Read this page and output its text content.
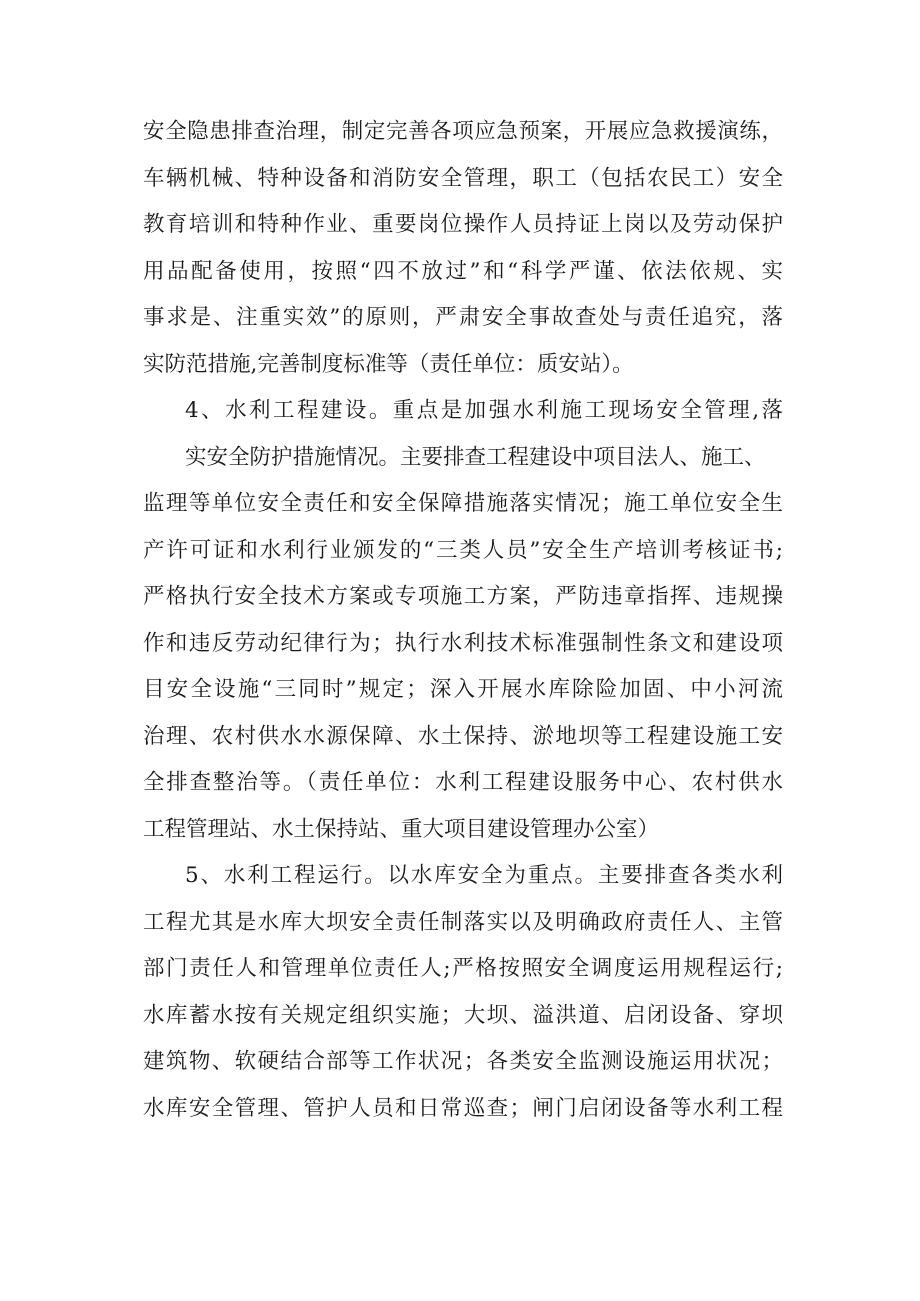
安全隐患排查治理，制定完善各项应急预案，开展应急救援演练，
车辆机械、特种设备和消防安全管理，职工（包括农民工）安全
教育培训和特种作业、重要岗位操作人员持证上岗以及劳动保护
用品配备使用，按照“四不放过”和“科学严谨、依法依规、实
事求是、注重实效”的原则，严肃安全事故查处与责任追究，落
实防范措施,完善制度标准等（责任单位：质安站）。
4、水利工程建设。重点是加强水利施工现场安全管理,落
实安全防护措施情况。主要排查工程建设中项目法人、施工、
监理等单位安全责任和安全保障措施落实情况；施工单位安全生
产许可证和水利行业颁发的“三类人员”安全生产培训考核证书;
严格执行安全技术方案或专项施工方案，严防违章指挥、违规操
作和违反劳动纪律行为；执行水利技术标准强制性条文和建设项
目安全设施“三同时”规定；深入开展水库除险加固、中小河流
治理、农村供水水源保障、水土保持、淤地坝等工程建设施工安
全排查整治等。（责任单位：水利工程建设服务中心、农村供水
工程管理站、水土保持站、重大项目建设管理办公室）
5、水利工程运行。以水库安全为重点。主要排查各类水利
工程尤其是水库大坝安全责任制落实以及明确政府责任人、主管
部门责任人和管理单位责任人;严格按照安全调度运用规程运行;
水库蓄水按有关规定组织实施；大坝、溢洪道、启闭设备、穿坝
建筑物、软硬结合部等工作状况；各类安全监测设施运用状况；
水库安全管理、管护人员和日常巡查；闸门启闭设备等水利工程
